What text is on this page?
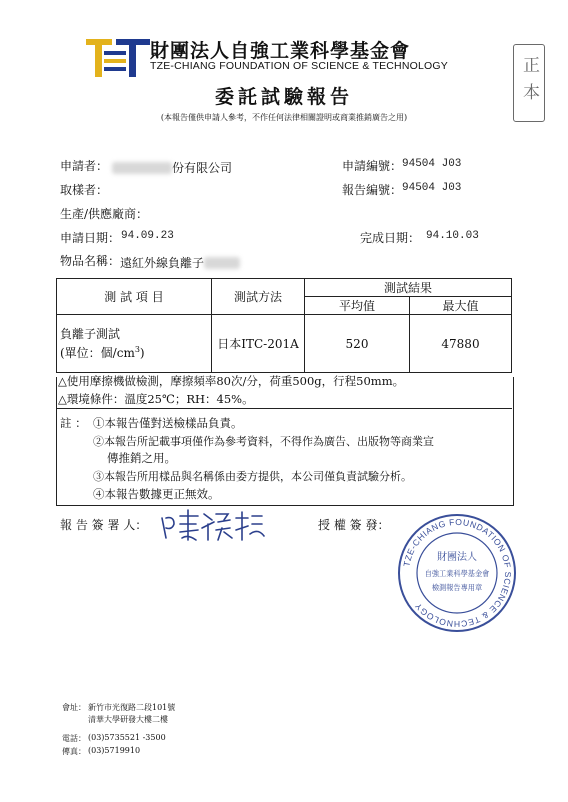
財團法人自強工業科學基金會
TZE-CHIANG FOUNDATION OF SCIENCE & TECHNOLOGY	正本
委託試驗報告
(本報告僅供申請人參考，不作任何法律相關證明或商業推銷廣告之用)
申請者：	份有限公司	申請編號： 94504 J03
取樣者：	報告編號： 94504 J03
生產/供應廠商：
申請日期： 94.09.23	完成日期： 94.10.03
物品名稱： 遠紅外線負離子
測 試 項 目	測試方法	測試結果	
		平均值	最大值

負離子測試
(單位：個$/cm^3$)	日本ITC-201A	520	47880
△使用摩擦機做檢測，摩擦頻率80次/分，荷重500g，行程50mm。
△環境條件：溫度25℃；RH：45%。
註 ： ①本報告僅對送檢樣品負責。
②本報告所記載事項僅作為參考資料，不得作為廣告、出版物等商業宣
傳推銷之用。
③本報告所用樣品與名稱係由委方提供，本公司僅負責試驗分析。
④本報告數據更正無效。
報 告 簽 署 人：	授 權 簽 發：
TZE-CHIANG FOUNDATION OF SCIENCE & TECHNOLOGY
財團法人
自強工業科學基金會
檢測報告專用章
會址： 新竹市光復路二段101號
清華大學研發大樓二樓
電話： (03)5735521 -3500
傳真： (03)5719910
